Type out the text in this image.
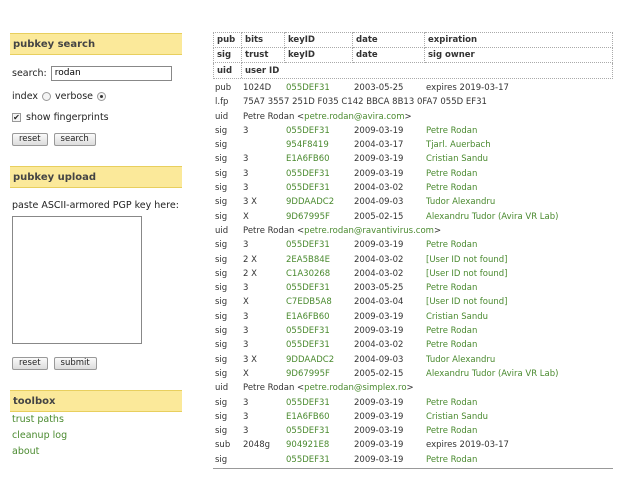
pubkey search
search:
rodan
index verbose
✔ show fingerprints
reset	search
pubkey upload
paste ASCII-armored PGP key here:
reset	submit
toolbox
trust paths
cleanup log
about
pub	bits	keyID	date	expiration
sig	trust	keyID	date	sig owner
uid	user ID
pub 1024D 055DEF31	2003-05-25	expires 2019-03-17
l.fp 75A7 3557 251D F035 C142 BBCA 8B13 0FA7 055D EF31
uid Petre Rodan <petre.rodan@avira.com>
sig 3	055DEF31	2009-03-19	Petre Rodan
sig	954F8419	2004-03-17	Tjarl. Auerbach
sig 3	E1A6FB60	2009-03-19	Cristian Sandu
sig 3	055DEF31	2009-03-19	Petre Rodan
sig 3	055DEF31	2004-03-02	Petre Rodan
sig 3 X	9DDAADC2 2004-09-03	Tudor Alexandru
sig X	9D67995F	2005-02-15	Alexandru Tudor (Avira VR Lab)
uid Petre Rodan <petre.rodan@ravantivirus.com>
sig 3	055DEF31	2009-03-19	Petre Rodan
sig 2 X	2EA5B84E	2004-03-02	[User ID not found]
sig 2 X	C1A30268	2004-03-02	[User ID not found]
sig 3	055DEF31	2003-05-25	Petre Rodan
sig X	C7EDB5A8	2004-03-04	[User ID not found]
sig 3	E1A6FB60	2009-03-19	Cristian Sandu
sig 3	055DEF31	2009-03-19	Petre Rodan
sig 3	055DEF31	2004-03-02	Petre Rodan
sig 3 X	9DDAADC2 2004-09-03	Tudor Alexandru
sig X	9D67995F	2005-02-15	Alexandru Tudor (Avira VR Lab)
uid Petre Rodan <petre.rodan@simplex.ro>
sig 3	055DEF31	2009-03-19	Petre Rodan
sig 3	E1A6FB60	2009-03-19	Cristian Sandu
sig 3	055DEF31	2009-03-19	Petre Rodan
sub 2048g 904921E8	2009-03-19	expires 2019-03-17
sig	055DEF31	2009-03-19	Petre Rodan
